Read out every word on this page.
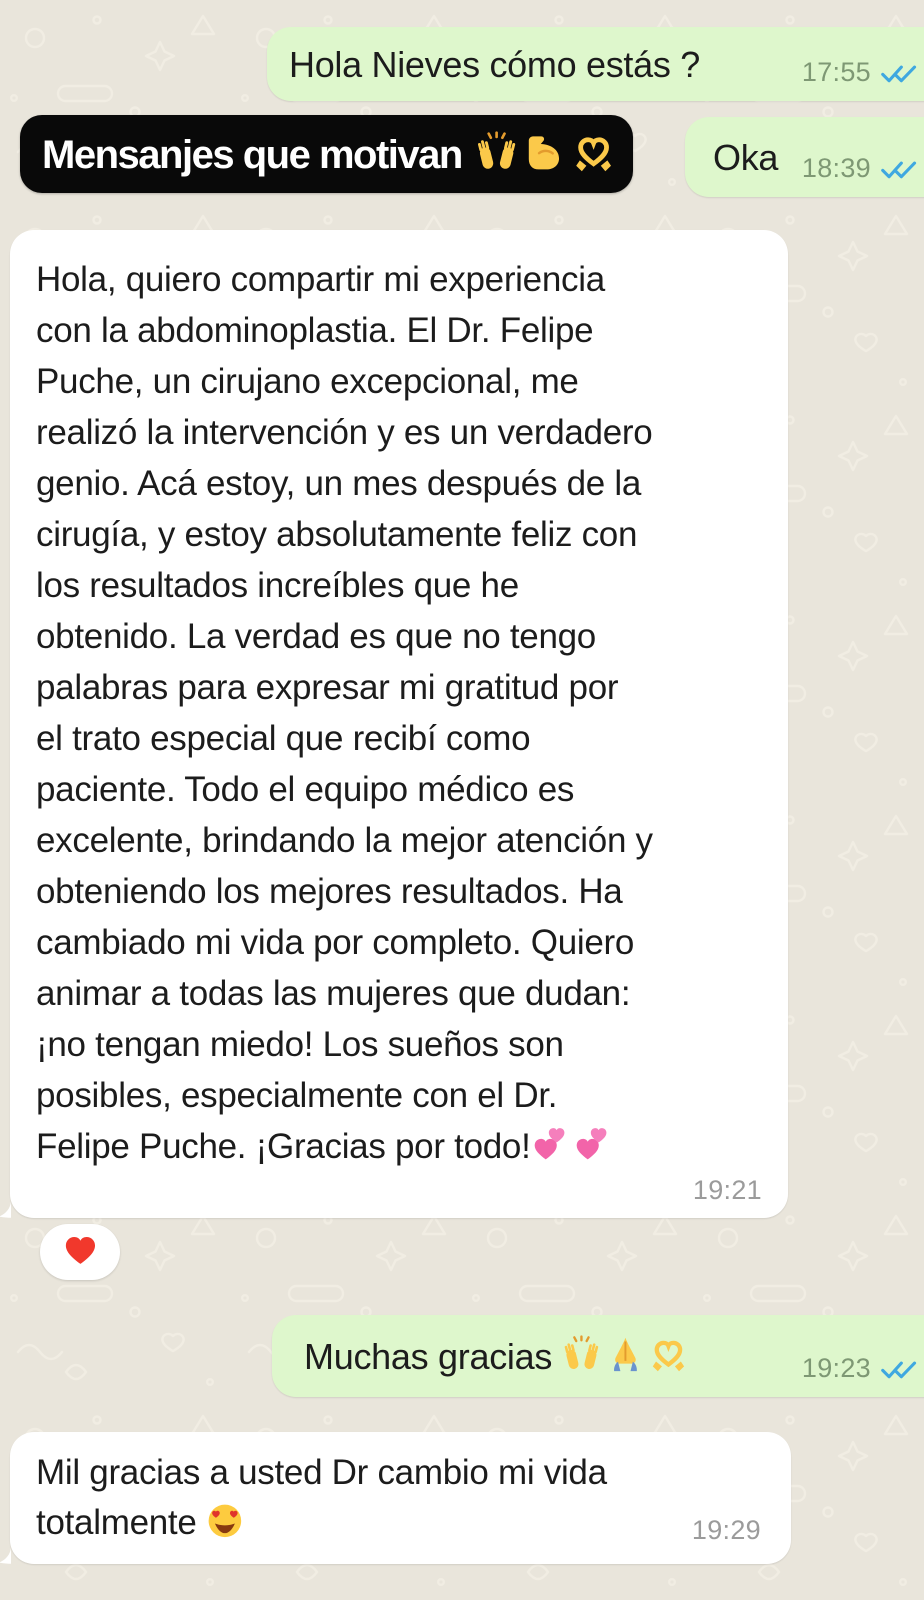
Hola Nieves cómo estás ?	17:55
Mensanjes que motivan	Oka 18:39
Hola, quiero compartir mi experiencia
con la abdominoplastia. El Dr. Felipe
Puche, un cirujano excepcional, me
realizó la intervención y es un verdadero
genio. Acá estoy, un mes después de la
cirugía, y estoy absolutamente feliz con
los resultados increíbles que he
obtenido. La verdad es que no tengo
palabras para expresar mi gratitud por
el trato especial que recibí como
paciente. Todo el equipo médico es
excelente, brindando la mejor atención y
obteniendo los mejores resultados. Ha
cambiado mi vida por completo. Quiero
animar a todas las mujeres que dudan:
¡no tengan miedo! Los sueños son
posibles, especialmente con el Dr.
Felipe Puche. ¡Gracias por todo!
19:21
Muchas gracias	19:23
Mil gracias a usted Dr cambio mi vida
totalmente	19:29
